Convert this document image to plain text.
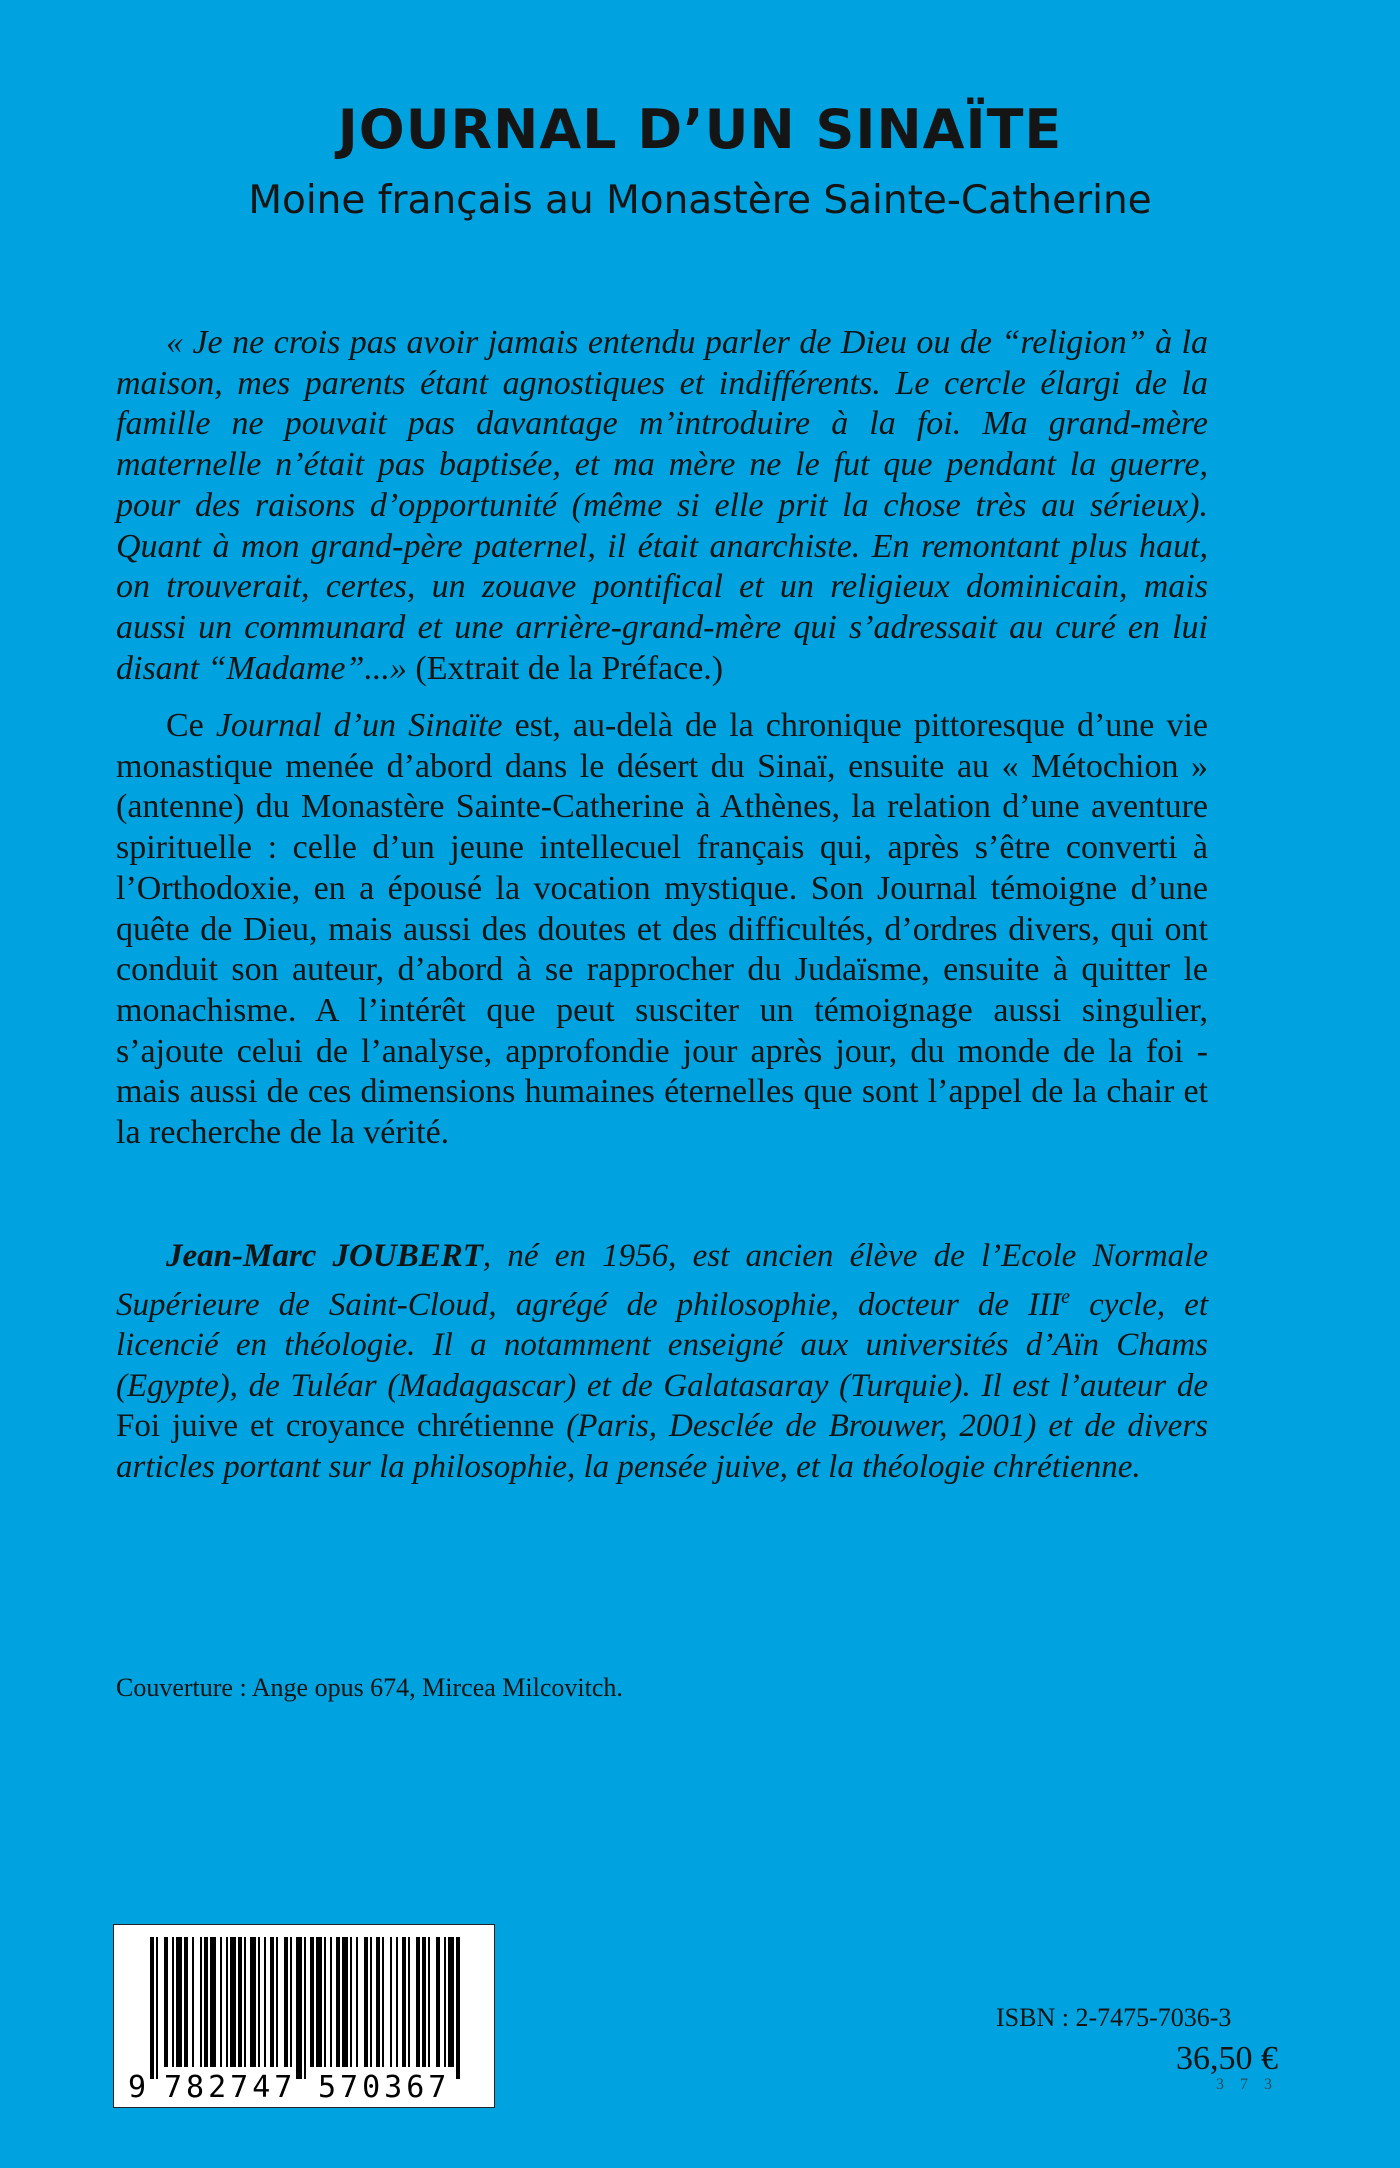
JOURNAL D’UN SINAÏTE
Moine français au Monastère Sainte-Catherine

« Je ne crois pas avoir jamais entendu parler de Dieu ou de “religion” à la maison, mes parents étant agnostiques et indifférents. Le cercle élargi de la famille ne pouvait pas davantage m’introduire à la foi. Ma grand-mère maternelle n’était pas baptisée, et ma mère ne le fut que pendant la guerre, pour des raisons d’opportunité (même si elle prit la chose très au sérieux). Quant à mon grand-père paternel, il était anarchiste. En remontant plus haut, on trouverait, certes, un zouave pontifical et un religieux dominicain, mais aussi un communard et une arrière-grand-mère qui s’adressait au curé en lui disant “Madame”...» (Extrait de la Préface.)

Ce Journal d’un Sinaïte est, au-delà de la chronique pittoresque d’une vie monastique menée d’abord dans le désert du Sinaï, ensuite au « Métochion » (antenne) du Monastère Sainte-Catherine à Athènes, la relation d’une aventure spirituelle : celle d’un jeune intellecuel français qui, après s’être converti à l’Orthodoxie, en a épousé la vocation mystique. Son Journal témoigne d’une quête de Dieu, mais aussi des doutes et des difficultés, d’ordres divers, qui ont conduit son auteur, d’abord à se rapprocher du Judaïsme, ensuite à quitter le monachisme. A l’intérêt que peut susciter un témoignage aussi singulier, s’ajoute celui de l’analyse, approfondie jour après jour, du monde de la foi - mais aussi de ces dimensions humaines éternelles que sont l’appel de la chair et la recherche de la vérité.

Jean-Marc JOUBERT, né en 1956, est ancien élève de l’Ecole Normale Supérieure de Saint-Cloud, agrégé de philosophie, docteur de IIIe cycle, et licencié en théologie. Il a notamment enseigné aux universités d’Aïn Chams (Egypte), de Tuléar (Madagascar) et de Galatasaray (Turquie). Il est l’auteur de Foi juive et croyance chrétienne (Paris, Desclée de Brouwer, 2001) et de divers articles portant sur la philosophie, la pensée juive, et la théologie chrétienne.

Couverture : Ange opus 674, Mircea Milcovitch.
9 782747 570367
ISBN : 2-7475-7036-3
36,50 €
3 7 3
